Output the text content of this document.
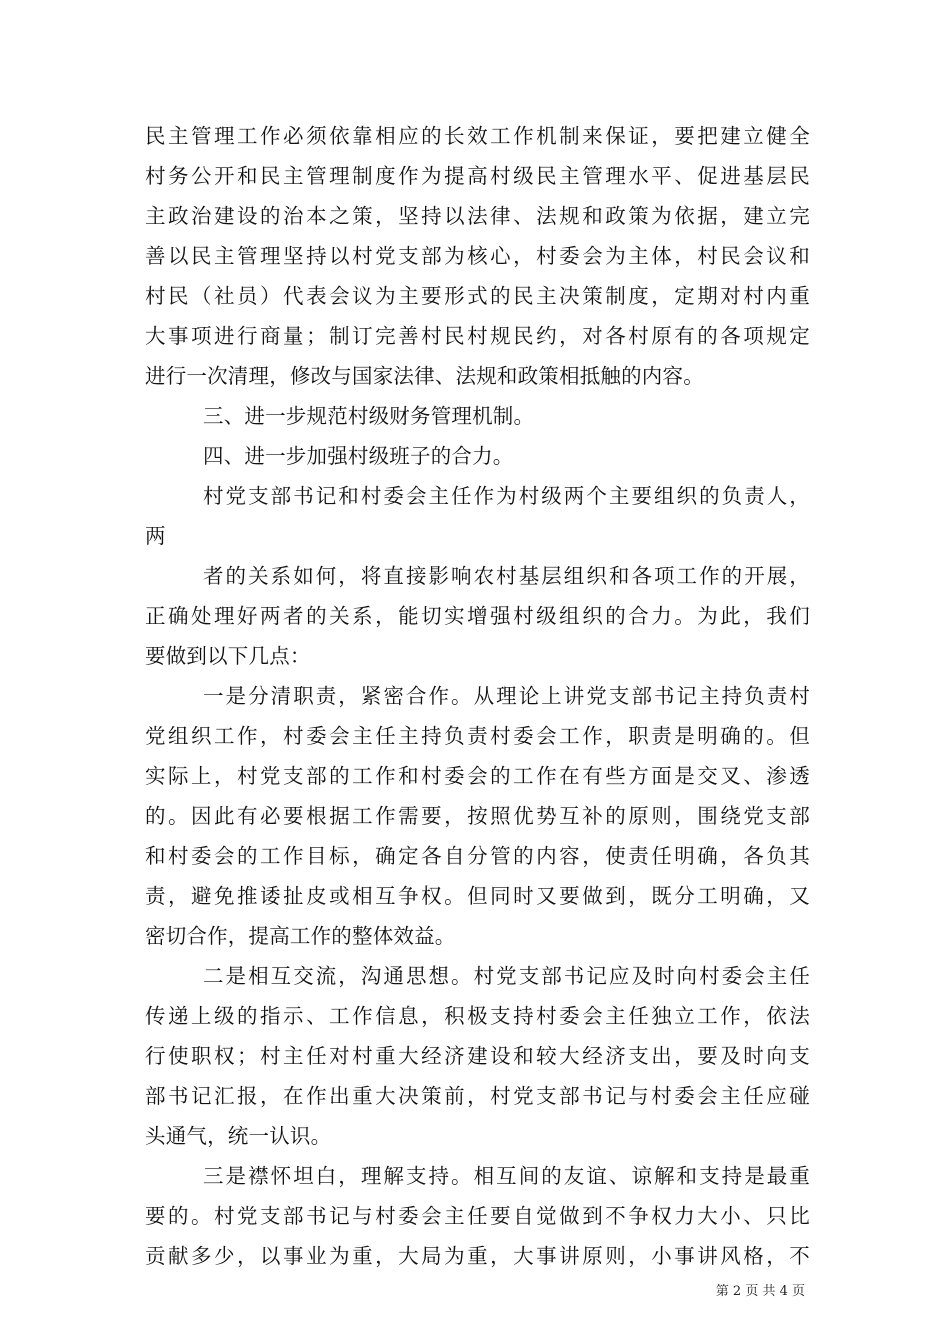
民主管理工作必须依靠相应的长效工作机制来保证，要把建立健全
村务公开和民主管理制度作为提高村级民主管理水平、促进基层民
主政治建设的治本之策，坚持以法律、法规和政策为依据，建立完
善以民主管理坚持以村党支部为核心，村委会为主体，村民会议和
村民（社员）代表会议为主要形式的民主决策制度，定期对村内重
大事项进行商量；制订完善村民村规民约，对各村原有的各项规定
进行一次清理，修改与国家法律、法规和政策相抵触的内容。
三、进一步规范村级财务管理机制。
四、进一步加强村级班子的合力。
村党支部书记和村委会主任作为村级两个主要组织的负责人，
两
者的关系如何，将直接影响农村基层组织和各项工作的开展，
正确处理好两者的关系，能切实增强村级组织的合力。为此，我们
要做到以下几点：
一是分清职责，紧密合作。从理论上讲党支部书记主持负责村
党组织工作，村委会主任主持负责村委会工作，职责是明确的。但
实际上，村党支部的工作和村委会的工作在有些方面是交叉、渗透
的。因此有必要根据工作需要，按照优势互补的原则，围绕党支部
和村委会的工作目标，确定各自分管的内容，使责任明确，各负其
责，避免推诿扯皮或相互争权。但同时又要做到，既分工明确，又
密切合作，提高工作的整体效益。
二是相互交流，沟通思想。村党支部书记应及时向村委会主任
传递上级的指示、工作信息，积极支持村委会主任独立工作，依法
行使职权；村主任对村重大经济建设和较大经济支出，要及时向支
部书记汇报，在作出重大决策前，村党支部书记与村委会主任应碰
头通气，统一认识。
三是襟怀坦白，理解支持。相互间的友谊、谅解和支持是最重
要的。村党支部书记与村委会主任要自觉做到不争权力大小、只比
贡献多少，以事业为重，大局为重，大事讲原则，小事讲风格，不
第 2 页 共 4 页
